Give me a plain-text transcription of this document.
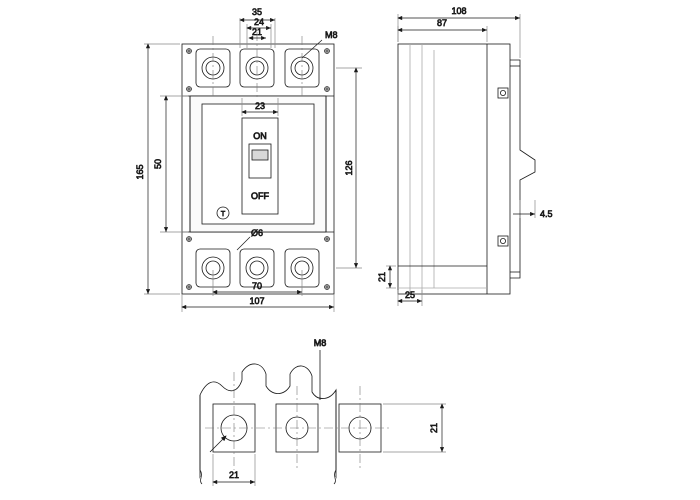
35
24
21	M8
23
165
50	126
Ø6
70
107
ON
OFF
T
108
87
4.5
21
25
M8
21
21
